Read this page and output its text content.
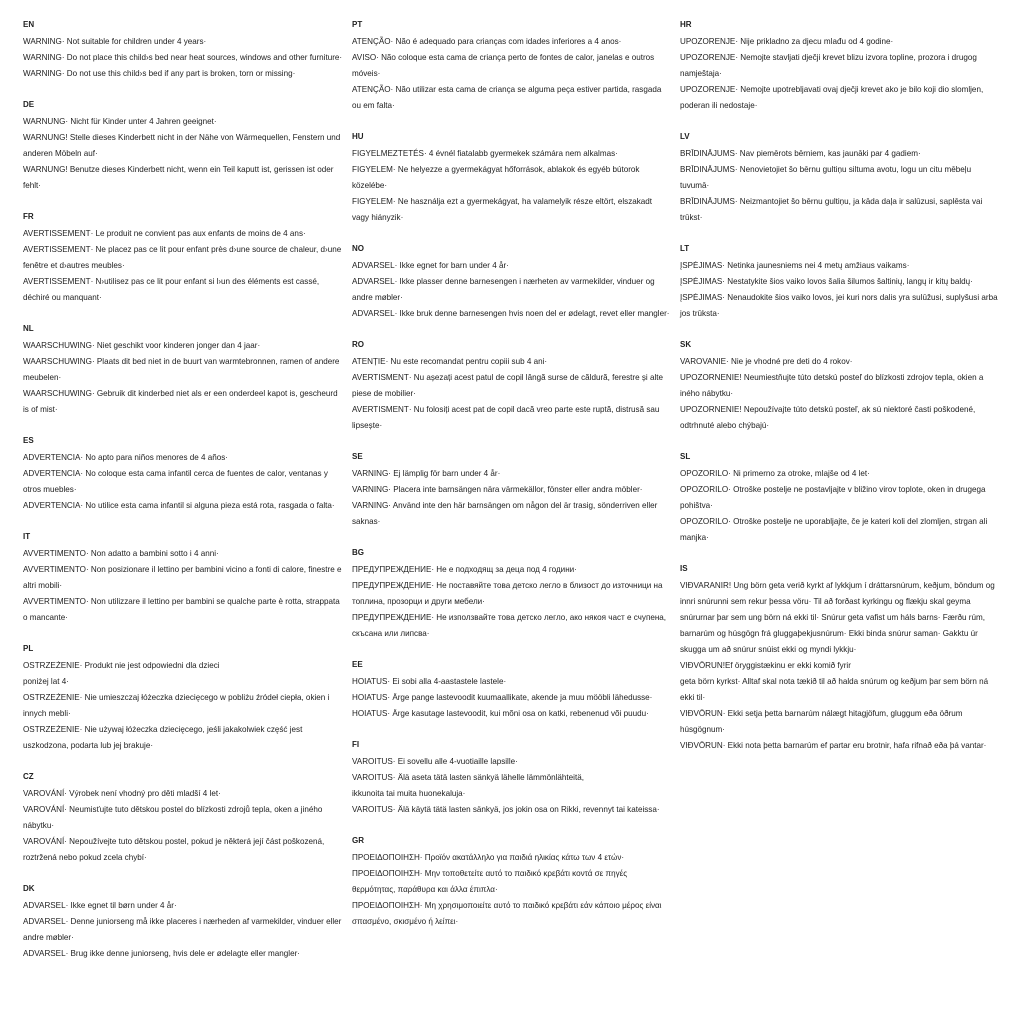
EN

WARNING· Not suitable for children under 4 years·

WARNING· Do not place this child›s bed near heat sources, windows and other furniture·

WARNING· Do not use this child›s bed if any part is broken, torn or missing·

DE

WARNUNG· Nicht für Kinder unter 4 Jahren geeignet·

WARNUNG! Stelle dieses Kinderbett nicht in der Nähe von Wärmequellen, Fenstern und anderen Möbeln auf·

WARNUNG! Benutze dieses Kinderbett nicht, wenn ein Teil kaputt ist, gerissen ist oder fehlt·

FR

AVERTISSEMENT· Le produit ne convient pas aux enfants de moins de 4 ans·

AVERTISSEMENT· Ne placez pas ce lit pour enfant près d›une source de chaleur, d›une fenêtre et d›autres meubles·

AVERTISSEMENT· N›utilisez pas ce lit pour enfant si l›un des éléments est cassé, déchiré ou manquant·

NL

WAARSCHUWING· Niet geschikt voor kinderen jonger dan 4 jaar·

WAARSCHUWING· Plaats dit bed niet in de buurt van warmtebronnen, ramen of andere meubelen·

WAARSCHUWING· Gebruik dit kinderbed niet als er een onderdeel kapot is, gescheurd is of mist·

ES

ADVERTENCIA· No apto para niños menores de 4 años·

ADVERTENCIA· No coloque esta cama infantil cerca de fuentes de calor, ventanas y otros muebles·

ADVERTENCIA· No utilice esta cama infantil si alguna pieza está rota, rasgada o falta·

IT

AVVERTIMENTO· Non adatto a bambini sotto i 4 anni·

AVVERTIMENTO· Non posizionare il lettino per bambini vicino a fonti di calore, finestre e altri mobili·

AVVERTIMENTO· Non utilizzare il lettino per bambini se qualche parte è rotta, strappata o mancante·

PL

OSTRZEŻENIE· Produkt nie jest odpowiedni dla dzieci

poniżej lat 4·

OSTRZEŻENIE· Nie umieszczaj łóżeczka dziecięcego w pobliżu źródeł ciepła, okien i innych mebli·

OSTRZEŻENIE· Nie używaj łóżeczka dziecięcego, jeśli jakakolwiek część jest uszkodzona, podarta lub jej brakuje·

CZ

VAROVÁNÍ· Výrobek není vhodný pro děti mladší 4 let·

VAROVÁNÍ· Neumisťujte tuto dětskou postel do blízkosti zdrojů tepla, oken a jiného nábytku·

VAROVÁNÍ· Nepoužívejte tuto dětskou postel, pokud je některá její část poškozená, roztržená nebo pokud zcela chybí·

DK

ADVARSEL· Ikke egnet til børn under 4 år·

ADVARSEL· Denne juniorseng må ikke placeres i nærheden af varmekilder, vinduer eller andre møbler·

ADVARSEL· Brug ikke denne juniorseng, hvis dele er ødelagte eller mangler·

PT

ATENÇÃO· Não é adequado para crianças com idades inferiores a 4 anos·

AVISO· Não coloque esta cama de criança perto de fontes de calor, janelas e outros móveis·

ATENÇÃO· Não utilizar esta cama de criança se alguma peça estiver partida, rasgada ou em falta·

HU

FIGYELMEZTETÉS· 4 évnél fiatalabb gyermekek számára nem alkalmas·

FIGYELEM· Ne helyezze a gyermekágyat hőforrások, ablakok és egyéb bútorok közelébe·

FIGYELEM· Ne használja ezt a gyermekágyat, ha valamelyik része eltört, elszakadt vagy hiányzik·

NO

ADVARSEL· Ikke egnet for barn under 4 år·

ADVARSEL· Ikke plasser denne barnesengen i nærheten av varmekilder, vinduer og andre møbler·

ADVARSEL· Ikke bruk denne barnesengen hvis noen del er ødelagt, revet eller mangler·

RO

ATENȚIE· Nu este recomandat pentru copiii sub 4 ani·

AVERTISMENT· Nu așezați acest patul de copil lângă surse de căldură, ferestre și alte piese de mobilier·

AVERTISMENT· Nu folosiți acest pat de copil dacă vreo parte este ruptă, distrusă sau lipsește·

SE

VARNING· Ej lämplig för barn under 4 år·

VARNING· Placera inte barnsängen nära värmekällor, fönster eller andra möbler·

VARNING· Använd inte den här barnsängen om någon del är trasig, sönderriven eller saknas·

BG

ПРЕДУПРЕЖДЕНИЕ· Не е подходящ за деца под 4 години·

ПРЕДУПРЕЖДЕНИЕ· Не поставяйте това детско легло в близост до източници на топлина, прозорци и други мебели·

ПРЕДУПРЕЖДЕНИЕ· Не използвайте това детско легло, ако някоя част е счупена, скъсана или липсва·

EE

HOIATUS· Ei sobi alla 4-aastastele lastele·

HOIATUS· Ärge pange lastevoodit kuumaallikate, akende ja muu mööbli lähedusse·

HOIATUS· Ärge kasutage lastevoodit, kui mõni osa on katki, rebenenud või puudu·

FI

VAROITUS· Ei sovellu alle 4-vuotiaille lapsille·

VAROITUS· Älä aseta tätä lasten sänkyä lähelle lämmönlähteitä,

ikkunoita tai muita huonekaluja·

VAROITUS· Älä käytä tätä lasten sänkyä, jos jokin osa on Rikki, revennyt tai kateissa·

GR

ΠΡΟΕΙΔΟΠΟΙΗΣΗ· Προϊόν ακατάλληλο για παιδιά ηλικίας κάτω των 4 ετών·

ΠΡΟΕΙΔΟΠΟΙΗΣΗ· Μην τοποθετείτε αυτό το παιδικό κρεβάτι κοντά σε πηγές θερμότητας, παράθυρα και άλλα έπιπλα·

ΠΡΟΕΙΔΟΠΟΙΗΣΗ· Μη χρησιμοποιείτε αυτό το παιδικό κρεβάτι εάν κάποιο μέρος είναι σπασμένο, σκισμένο ή λείπει·

HR

UPOZORENJE· Nije prikladno za djecu mlađu od 4 godine·

UPOZORENJE· Nemojte stavljati dječji krevet blizu izvora topline, prozora i drugog namještaja·

UPOZORENJE· Nemojte upotrebljavati ovaj dječji krevet ako je bilo koji dio slomljen, poderan ili nedostaje·

LV

BRĪDINĀJUMS· Nav piemērots bērniem, kas jaunāki par 4 gadiem·

BRĪDINĀJUMS· Nenovietojiet šo bērnu gultiņu siltuma avotu, logu un citu mēbeļu tuvumā·

BRĪDINĀJUMS· Neizmantojiet šo bērnu gultiņu, ja kāda daļa ir salūzusi, saplēsta vai trūkst·

LT

ĮSPĖJIMAS· Netinka jaunesniems nei 4 metų amžiaus vaikams·

ĮSPĖJIMAS· Nestatykite šios vaiko lovos šalia šilumos šaltinių, langų ir kitų baldų·

ĮSPĖJIMAS· Nenaudokite šios vaiko lovos, jei kuri nors dalis yra sulūžusi, suplyšusi arba jos trūksta·

SK

VAROVANIE· Nie je vhodné pre deti do 4 rokov·

UPOZORNENIE! Neumiestňujte túto detskú posteľ do blízkosti zdrojov tepla, okien a iného nábytku·

UPOZORNENIE! Nepoužívajte túto detskú posteľ, ak sú niektoré časti poškodené, odtrhnuté alebo chýbajú·

SL

OPOZORILO· Ni primerno za otroke, mlajše od 4 let·

OPOZORILO· Otroške postelje ne postavljajte v bližino virov toplote, oken in drugega pohištva·

OPOZORILO· Otroške postelje ne uporabljajte, če je kateri koli del zlomljen, strgan ali manjka·

IS

VIÐVARANIR! Ung börn geta verið kyrkt af lykkjum í dráttarsnúrum, keðjum, böndum og innri snúrunni sem rekur þessa vöru· Til að forðast kyrkingu og flækju skal geyma snúrurnar þar sem ung börn ná ekki til· Snúrur geta vafist um háls barns· Færðu rúm, barnarúm og húsgögn frá gluggaþekjusnúrum· Ekki binda snúrur saman· Gakktu úr skugga um að snúrur snúist ekki og myndi lykkju·

VIÐVÖRUN!Ef öryggistækinu er ekki komið fyrir

geta börn kyrkst· Alltaf skal nota tækið til að halda snúrum og keðjum þar sem börn ná ekki til·

VIÐVÖRUN· Ekki setja þetta barnarúm nálægt hitagjöfum, gluggum eða öðrum húsgögnum·

VIÐVÖRUN· Ekki nota þetta barnarúm ef partar eru brotnir, hafa rifnað eða þá vantar·
